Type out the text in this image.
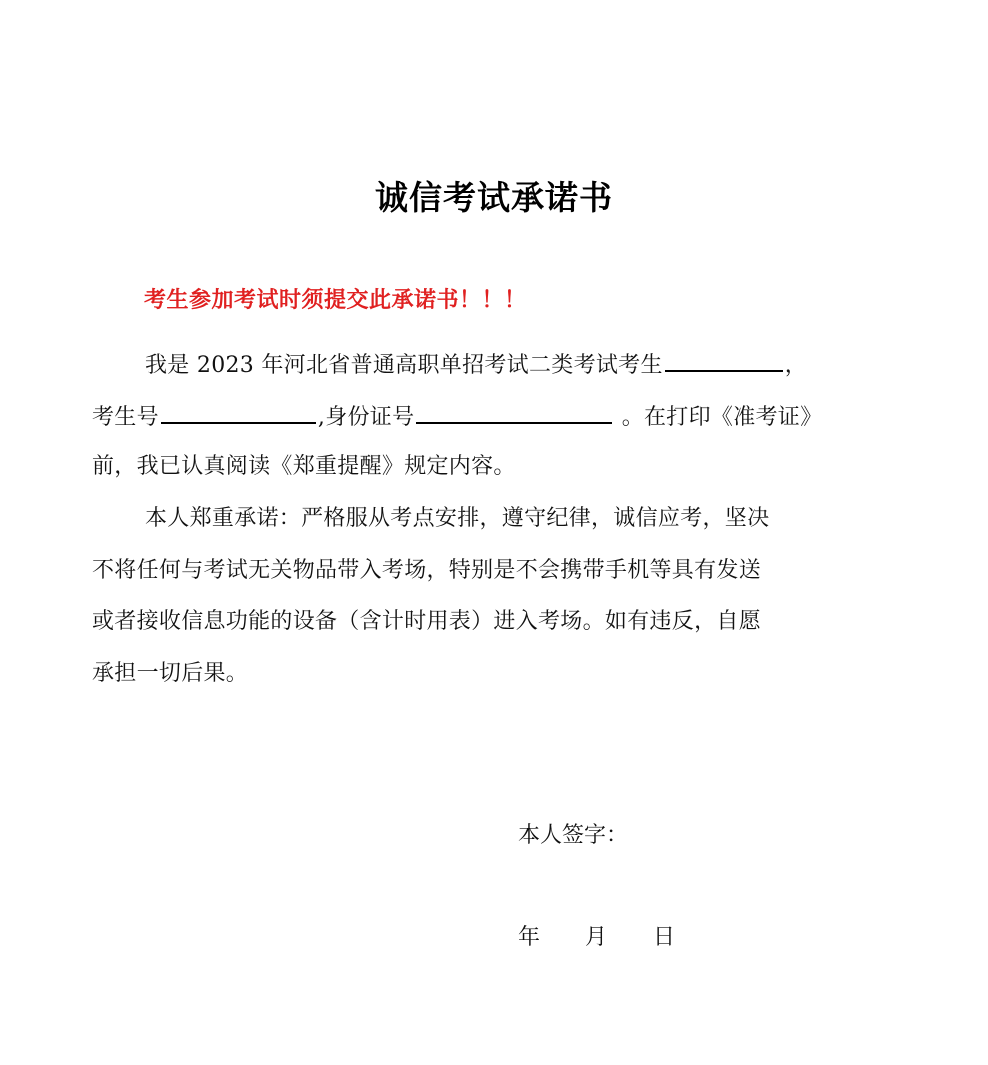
诚信考试承诺书
考生参加考试时须提交此承诺书！！！
我是 2023 年河北省普通高职单招考试二类考试考生	，
考生号	,身份证号	。在打印《准考证》
前，我已认真阅读《郑重提醒》规定内容。
本人郑重承诺：严格服从考点安排，遵守纪律，诚信应考，坚决
不将任何与考试无关物品带入考场，特别是不会携带手机等具有发送
或者接收信息功能的设备（含计时用表）进入考场。如有违反，自愿
承担一切后果。
本人签字：
年 月 日
